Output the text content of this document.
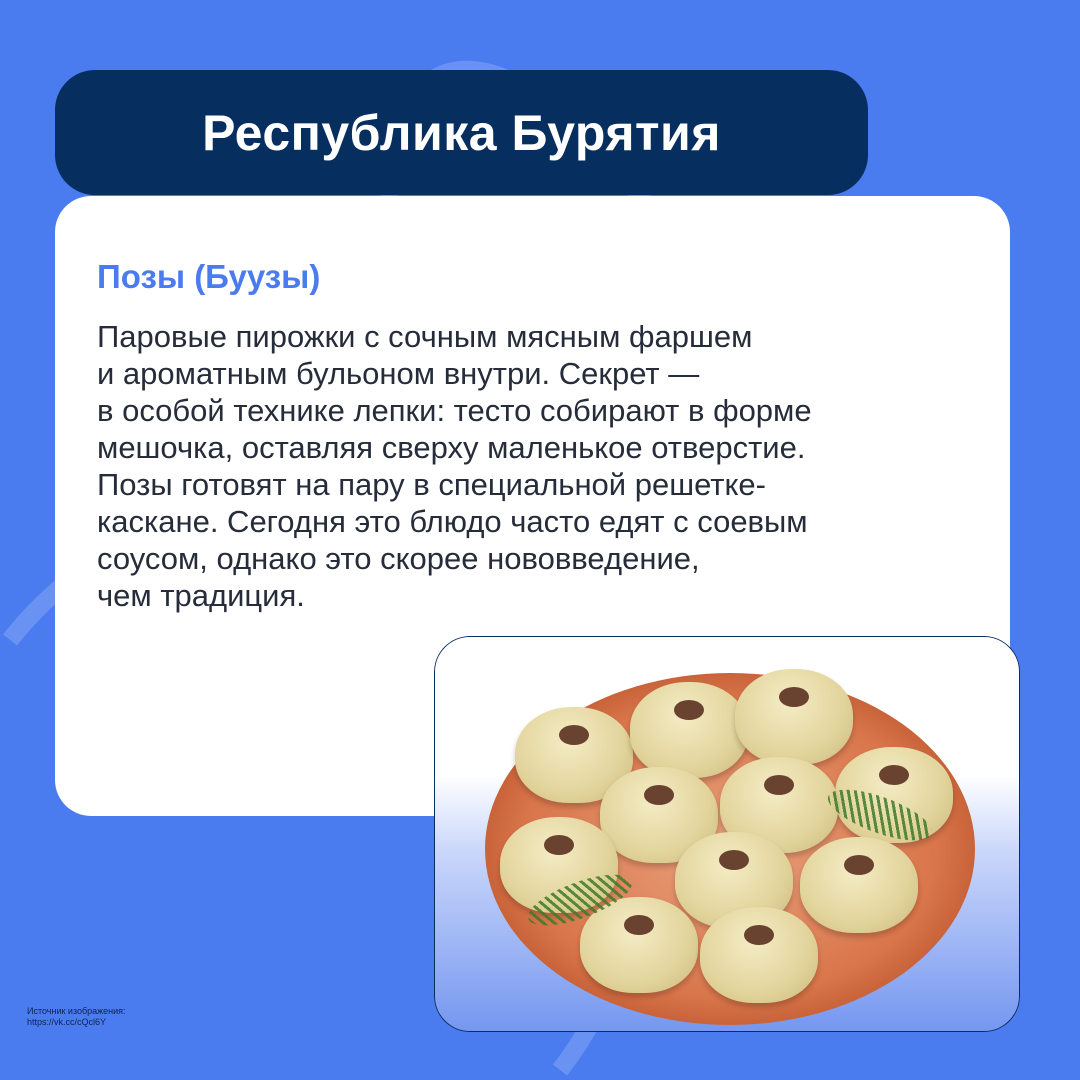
Республика Бурятия
Позы (Буузы)
Паровые пирожки с сочным мясным фаршем
и ароматным бульоном внутри. Секрет —
в особой технике лепки: тесто собирают в форме
мешочка, оставляя сверху маленькое отверстие.
Позы готовят на пару в специальной решетке-
каскане. Сегодня это блюдо часто едят с соевым
соусом, однако это скорее нововведение,
чем традиция.
Источник изображения:
https://vk.cc/cQcl6Y
